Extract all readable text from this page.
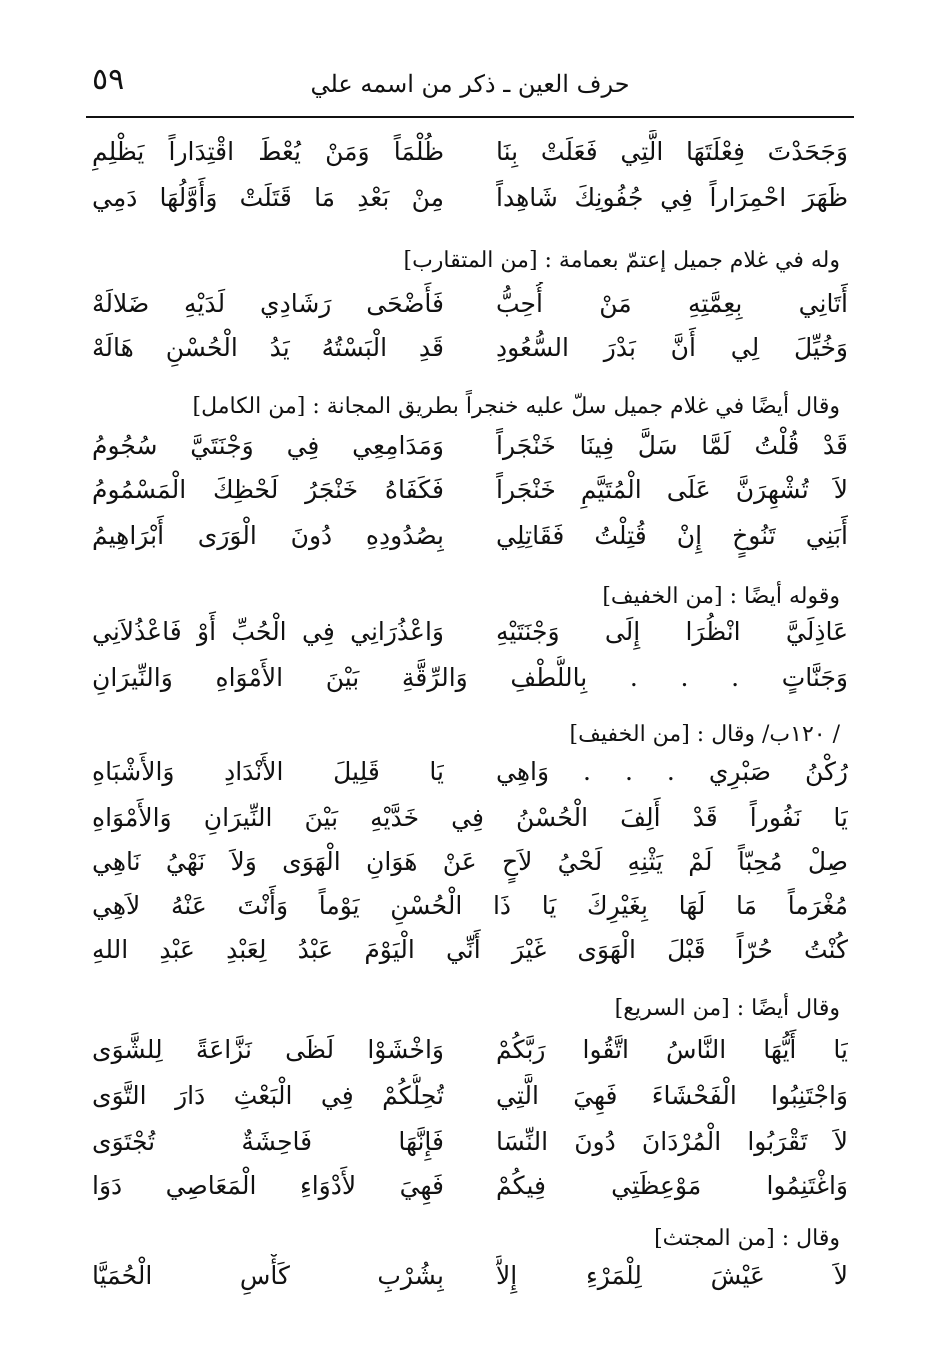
٥٩	حرف العين ـ ذكر من اسمه علي
وَجَحَدْتَ فِعْلَتَهَا الَّتِي فَعَلَتْ بِنَا
ظُلْمَاً وَمَنْ يُعْطَ اقْتِدَاراً يَظْلِمِ
ظَهَرَ احْمِرَاراً فِي جُفُونِكَ شَاهِداً
مِنْ بَعْدِ مَا قَتَلَتْ وَأَوَّلُهَا دَمِي
وله في غلام جميل إعتمّ بعمامة : [من المتقارب]
أَتَانِي بِعِمَّتِهِ مَنْ أُحِبُّ
فَأَضْحَى رَشَادِي لَدَيْهِ ضَلالَهْ
وَخُيِّلَ لِي أَنَّ بَدْرَ السُّعُودِ
قَدِ الْبَسْتُهُ يَدُ الْحُسْنِ هَالَهْ
وقال أيضًا في غلام جميل سلّ عليه خنجراً بطريق المجانة : [من الكامل]
قَدْ قُلْتُ لَمَّا سَلَّ فِينَا خَنْجَراً
وَمَدَامِعِي فِي وَجْنَتَيَّ سُجُومُ
لاَ تُشْهِرَنَّ عَلَى الْمُتَيَّمِ خَنْجَراً
فَكَفَاهُ خَنْجَرُ لَحْظِكَ الْمَسْمُومُ
أَبَنِي تَنُوخٍ إِنْ قُتِلْتُ فَقَاتِلِي
بِصُدُودِهِ دُونَ الْوَرَى أَبْرَاهِيمُ
وقوله أيضًا : [من الخفيف]
عَاذِلَيَّ انْظُرَا إِلَى وَجْنَتَيْهِ
وَاعْذُرَانِي فِي الْحُبِّ أَوْ فَاعْذُلاَنِي
وَجَنَّاتٍ . . . بِاللُّطْفِ وَالرِّقَّةِ بَيْنَ الأَمْوَاهِ وَالنِّيرَانِ
/ ١٢٠ب/ وقال : [من الخفيف]
رُكْنُ صَبْرِي . . . وَاهِي
يَا قَلِيلَ الأَنْدَادِ وَالأَشْبَاهِ
يَا نَفُوراً قَدْ أَلِفَ الْحُسْنُ فِي خَدَّيْهِ بَيْنَ النِّيرَانِ وَالأَمْوَاهِ
صِلْ مُحِبّاً لَمْ يَثْنِهِ لَحْيُ لاَحٍ عَنْ هَوَانِ الْهَوَى وَلاَ نَهْيُ نَاهِي
مُغْرَماً مَا لَهَا بِغَيْرِكَ يَا ذَا الْحُسْنِ يَوْماً وَأَنْتَ عَنْهُ لاَهِي
كُنْتُ حُرّاً قَبْلَ الْهَوَى غَيْرَ أَنِّي الْيَوْمَ عَبْدُ لِعَبْدِ عَبْدِ اللهِ
وقال أيضًا : [من السريع]
يَا أَيُّهَا النَّاسُ اتَّقُوا رَبَّكُمْ
وَاخْشَوْا لَظَى نَزَّاعَةً لِلشَّوَى
وَاجْتَنِبُوا الْفَحْشَاءَ فَهِيَ الَّتِي
تُحِلُّكُمْ فِي الْبَعْثِ دَارَ التَّوَى
لاَ تَقْرَبُوا الْمُرْدَانَ دُونَ النِّسَا
فَإِنَّهَا فَاحِشَةٌ تُجْتَوَى
وَاغْتَنِمُوا مَوْعِظَتِي فِيكُمْ
فَهِيَ لأَدْوَاءِ الْمَعَاصِي دَوَا
وقال : [من المجتث]
لاَ عَيْشَ لِلْمَرْءِ إِلاَّ
بِشُرْبِ كَأْسِ الْحُمَيَّا
